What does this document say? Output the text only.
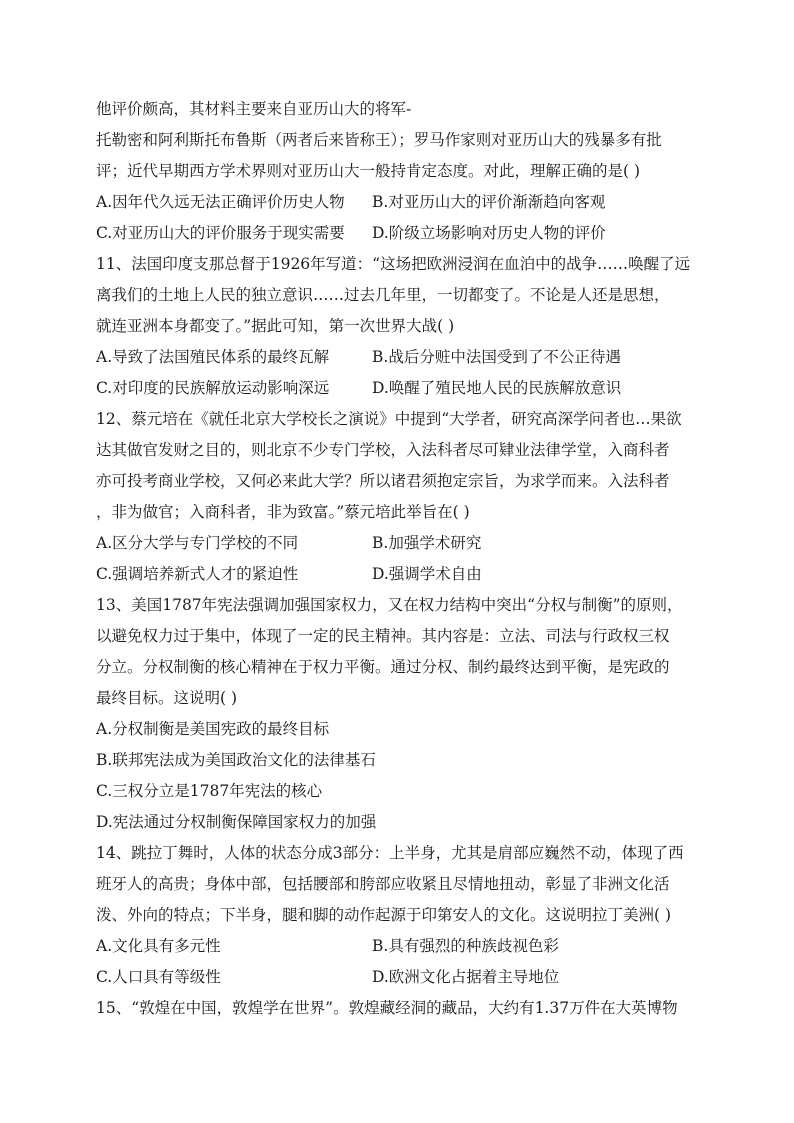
他评价颇高，其材料主要来自亚历山大的将军-
托勒密和阿利斯托布鲁斯（两者后来皆称王）；罗马作家则对亚历山大的残暴多有批
评；近代早期西方学术界则对亚历山大一般持肯定态度。对此，理解正确的是( )
A.因年代久远无法正确评价历史人物	B.对亚历山大的评价渐渐趋向客观
C.对亚历山大的评价服务于现实需要	D.阶级立场影响对历史人物的评价
11、法国印度支那总督于1926年写道：“这场把欧洲浸润在血泊中的战争……唤醒了远
离我们的土地上人民的独立意识……过去几年里，一切都变了。不论是人还是思想，
就连亚洲本身都变了。”据此可知，第一次世界大战( )
A.导致了法国殖民体系的最终瓦解	B.战后分赃中法国受到了不公正待遇
C.对印度的民族解放运动影响深远	D.唤醒了殖民地人民的民族解放意识
12、蔡元培在《就任北京大学校长之演说》中提到“大学者，研究高深学问者也…果欲
达其做官发财之目的，则北京不少专门学校，入法科者尽可肄业法律学堂，入商科者
亦可投考商业学校，又何必来此大学？所以诸君须抱定宗旨，为求学而来。入法科者
，非为做官；入商科者，非为致富。”蔡元培此举旨在( )
A.区分大学与专门学校的不同	B.加强学术研究
C.强调培养新式人才的紧迫性	D.强调学术自由
13、美国1787年宪法强调加强国家权力，又在权力结构中突出“分权与制衡”的原则，
以避免权力过于集中，体现了一定的民主精神。其内容是：立法、司法与行政权三权
分立。分权制衡的核心精神在于权力平衡。通过分权、制约最终达到平衡，是宪政的
最终目标。这说明( )
A.分权制衡是美国宪政的最终目标
B.联邦宪法成为美国政治文化的法律基石
C.三权分立是1787年宪法的核心
D.宪法通过分权制衡保障国家权力的加强
14、跳拉丁舞时，人体的状态分成3部分：上半身，尤其是肩部应巍然不动，体现了西
班牙人的高贵；身体中部，包括腰部和胯部应收紧且尽情地扭动，彰显了非洲文化活
泼、外向的特点；下半身，腿和脚的动作起源于印第安人的文化。这说明拉丁美洲( )
A.文化具有多元性	B.具有强烈的种族歧视色彩
C.人口具有等级性	D.欧洲文化占据着主导地位
15、“敦煌在中国，敦煌学在世界”。敦煌藏经洞的藏品，大约有1.37万件在大英博物
